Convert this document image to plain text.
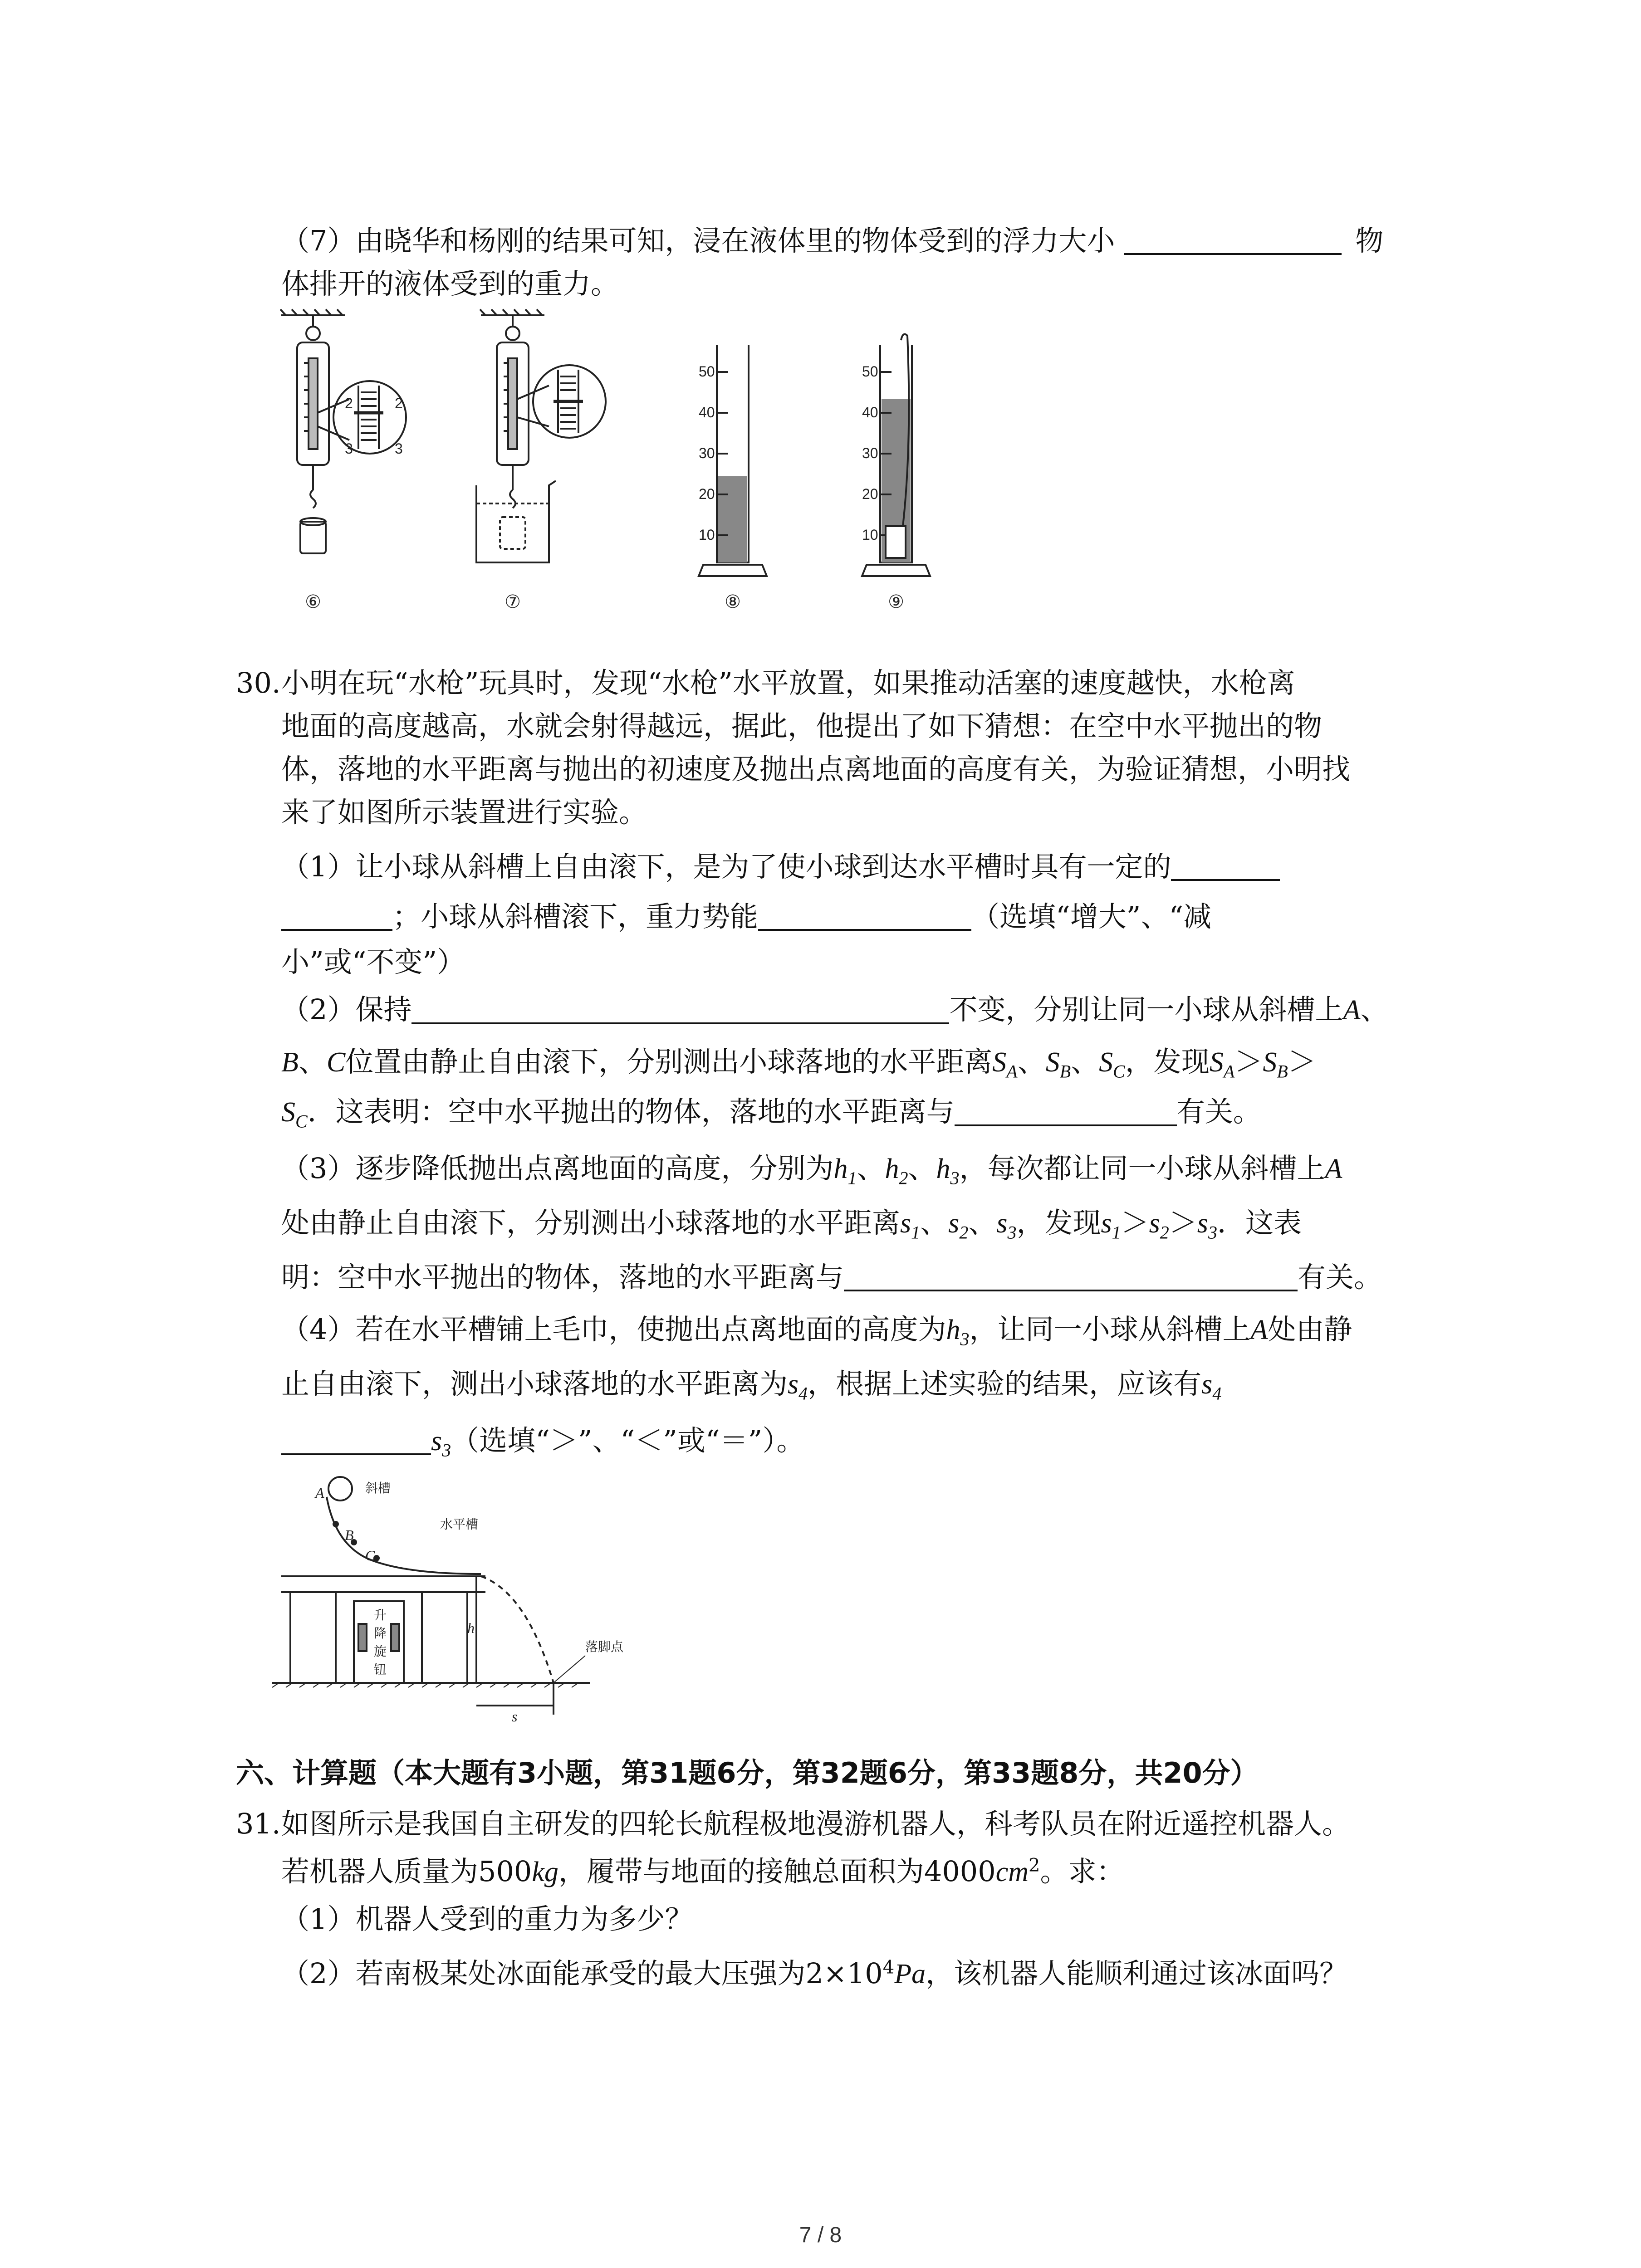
（7）由晓华和杨刚的结果可知，浸在液体里的物体受到的浮力大小	物
体排开的液体受到的重力。
2	2
3	3
50
40
30
20
10
50
40
30
20
10
⑥	⑦	⑧	⑨
30. 小明在玩“水枪”玩具时，发现“水枪”水平放置，如果推动活塞的速度越快，水枪离
地面的高度越高，水就会射得越远，据此，他提出了如下猜想：在空中水平抛出的物
体，落地的水平距离与抛出的初速度及抛出点离地面的高度有关，为验证猜想，小明找
来了如图所示装置进行实验。
（1）让小球从斜槽上自由滚下，是为了使小球到达水平槽时具有一定的
；小球从斜槽滚下，重力势能	（选填“增大”、“减
小”或“不变”）
（2）保持	不变，分别让同一小球从斜槽上A、
B、C位置由静止自由滚下，分别测出小球落地的水平距离$S_A$、$S_B$、$S_C$，发现$S_A>S_B>$
$S_C$．这表明：空中水平抛出的物体，落地的水平距离与	有关。
（3）逐步降低抛出点离地面的高度，分别为$h_1$、$h_2$、$h_3$，每次都让同一小球从斜槽上A
处由静止自由滚下，分别测出小球落地的水平距离$s_1$、$s_2$、$s_3$，发现$s_1>s_2>s_3$．这表
明：空中水平抛出的物体，落地的水平距离与	有关。
（4）若在水平槽铺上毛巾，使抛出点离地面的高度为$h_3$，让同一小球从斜槽上A处由静
止自由滚下，测出小球落地的水平距离为$s_4$，根据上述实验的结果，应该有$s_4$
$s_3$（选填“＞”、“＜”或“＝”）。
A
B
C
h
s
斜槽
水平槽
升
降
旋
钮
落脚点
六、计算题（本大题有3小题，第31题6分，第32题6分，第33题8分，共20分）
31. 如图所示是我国自主研发的四轮长航程极地漫游机器人，科考队员在附近遥控机器人。
若机器人质量为500kg，履带与地面的接触总面积为$4000cm^2$。求：
（1）机器人受到的重力为多少？
（2）若南极某处冰面能承受的最大压强为$2\times 10^4Pa$，该机器人能顺利通过该冰面吗？
7 / 8
